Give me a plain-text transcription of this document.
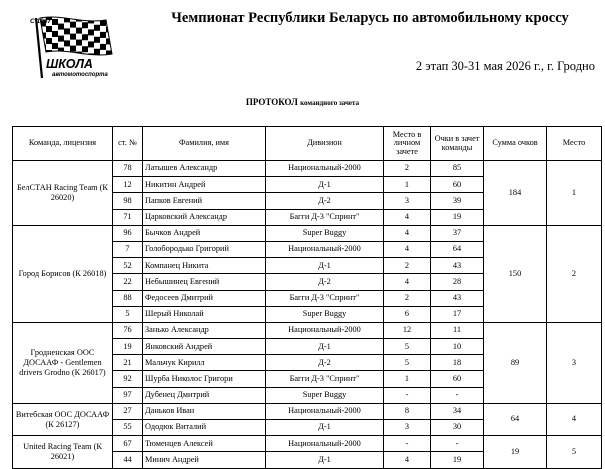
С 1967
ШКОЛА
автомотоспорта
Чемпионат Республики Беларусь по автомобильному кроссу
2 этап 30-31 мая 2026 г., г. Гродно
ПРОТОКОЛ командного зачета
Команда, лицензия	ст. №	Фамилия, имя	Дивизион	Место в личном зачете	Очки в зачет команды	Сумма очков	Место
БелСТАН Racing Team (К 26020)	78	Латышев Александр	Национальный-2000	2	85	184	1
	12	Никитин Андрей	Д-1	1	60		
	98	Папков Евгений	Д-2	3	39		
	71	Царковский Александр	Багги Д-3 "Спринт"	4	19		
Город Борисов (К 26018)	96	Бычков Андрей	Super Buggy	4	37	150	2
	7	Голобородько Григорий	Национальный-2000	4	64		
	52	Компанец Никита	Д-1	2	43		
	22	Небышинец Евгений	Д-2	4	28		
	88	Федосеев Дмитрий	Багги Д-3 "Спринт"	2	43		
	5	Шерый Николай	Super Buggy	6	17		
Гродненская ООС ДОСААФ - Gentlemen drivers Grodno (К 26017)	76	Занько Александр	Национальный-2000	12	11	89	3
	19	Янковский Андрей	Д-1	5	10		
	21	Мальчук Кирилл	Д-2	5	18		
	92	Шурба Николос Григори	Багги Д-3 "Спринт"	1	60		
	97	Дубенец Дмитрий	Super Buggy	-	-		
Витебская ООС ДОСААФ (К 26127)	27	Даньков Иван	Национальный-2000	8	34	64	4
	55	Ододюк Виталий	Д-1	3	30		
United Racing Team (К 26021)	67	Тюменцев Алексей	Национальный-2000	-	-	19	5
	44	Минич Андрей	Д-1	4	19		
